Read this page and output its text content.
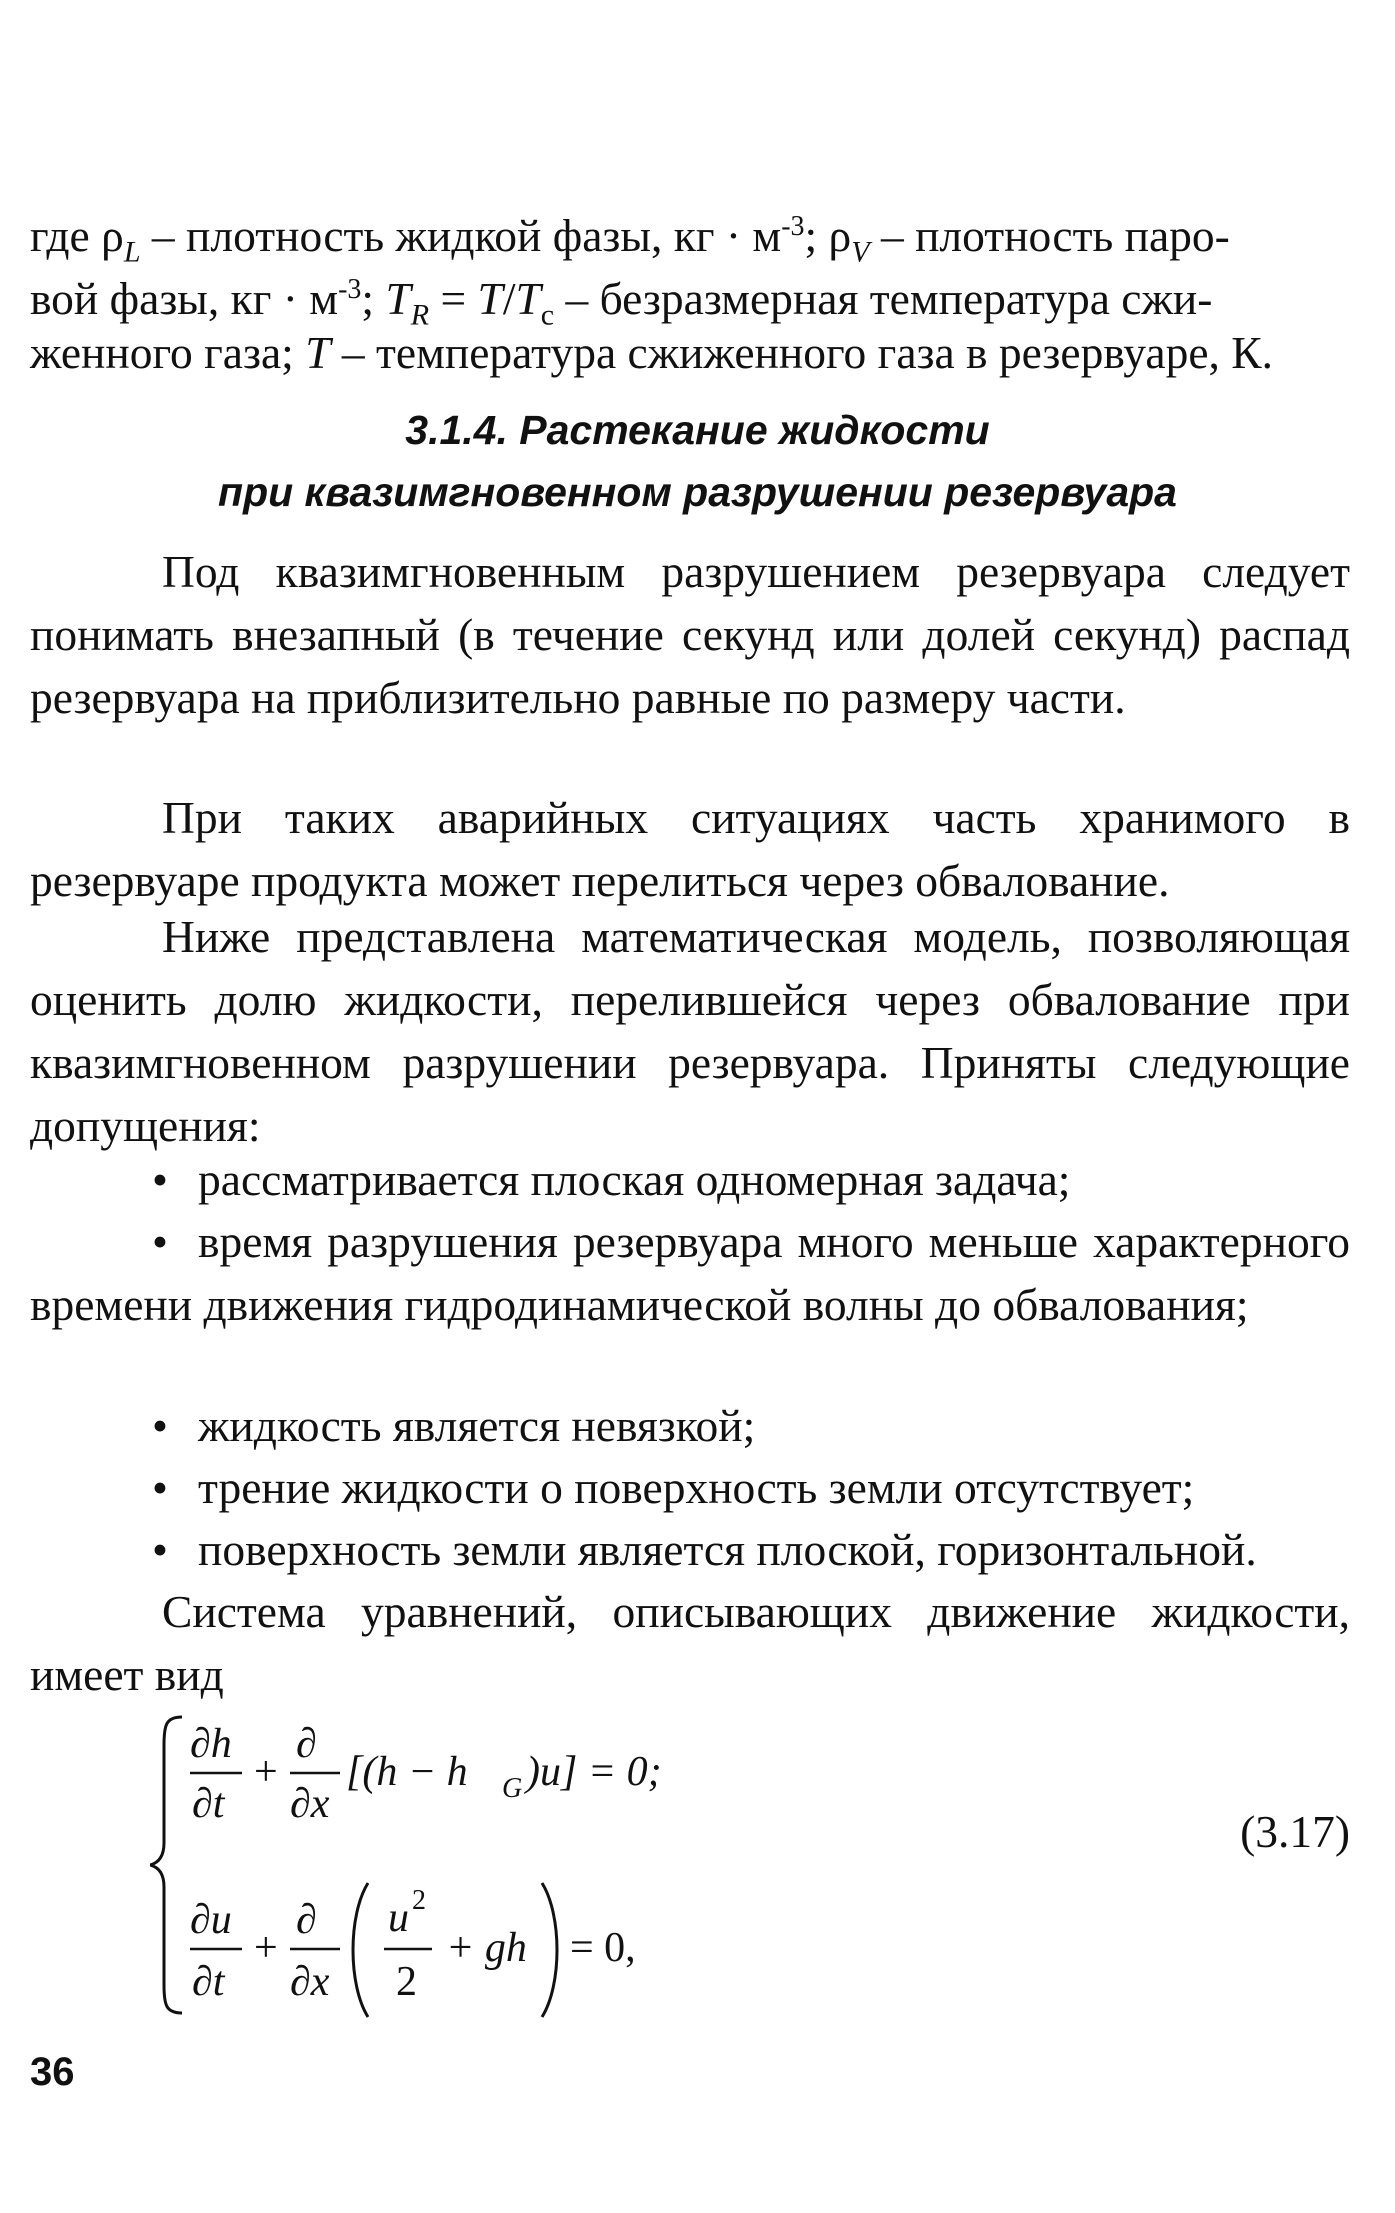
где $\rho_L$ – плотность жидкой фазы, кг · $м^{-3}$; $\rho_V$ – плотность паро-

вой фазы, кг · $м^{-3}$; $T_R = T/T_c$ – безразмерная температура сжи-

женного газа; T – температура сжиженного газа в резервуаре, К.

3.1.4. Растекание жидкости

при квазимгновенном разрушении резервуара

Под квазимгновенным разрушением резервуара следует понимать внезапный (в течение секунд или долей секунд) распад резервуара на приблизительно равные по размеру части.

При таких аварийных ситуациях часть хранимого в резервуаре продукта может перелиться через обвалование.

Ниже представлена математическая модель, позволяющая оценить долю жидкости, перелившейся через обвалование при квазимгновенном разрушении резервуара. Приняты следующие допущения:

• рассматривается плоская одномерная задача;

• время разрушения резервуара много меньше характерного времени движения гидродинамической волны до обвалования;

• жидкость является невязкой;

• трение жидкости о поверхность земли отсутствует;

• поверхность земли является плоской, горизонтальной.

Система уравнений, описывающих движение жидкости, имеет вид

∂h
∂t
+
∂
∂x
[(h − h G )u] = 0;
∂u
∂t
+
∂
∂x
u 2
2
+ gh = 0,
(3.17)
36
